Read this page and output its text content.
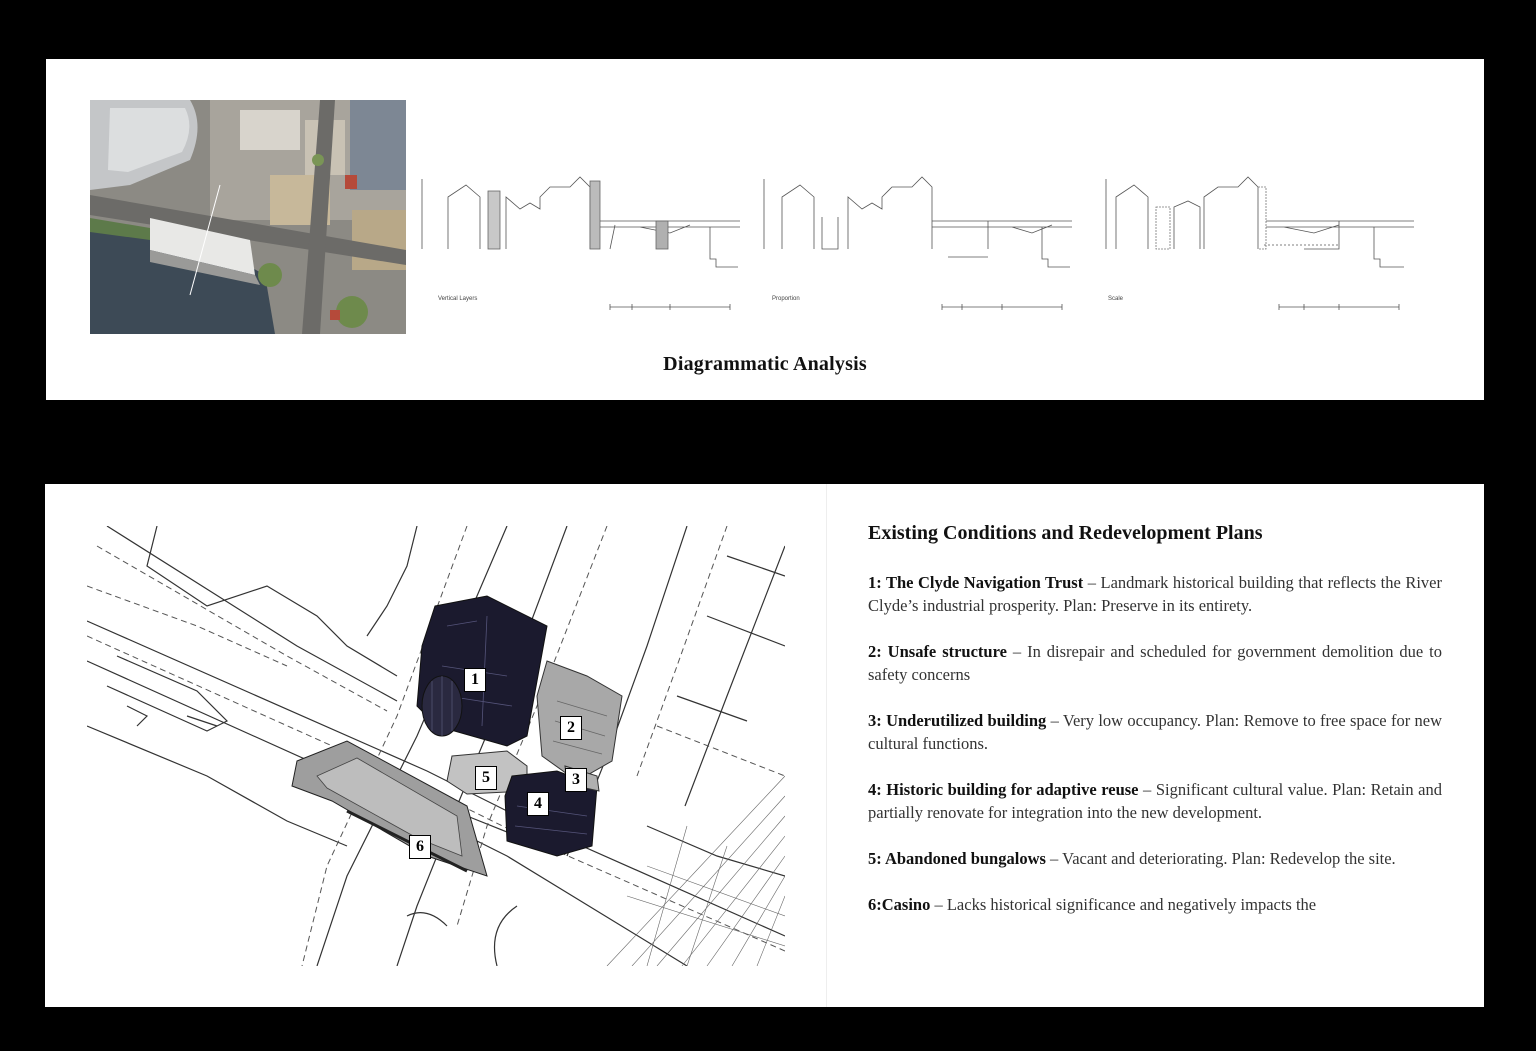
Vertical Layers	Proportion	Scale
Diagrammatic Analysis
1
2
3
4
5
6
Existing Conditions and Redevelopment Plans

1: The Clyde Navigation Trust – Landmark historical building that reflects the River Clyde’s industrial prosperity. Plan: Preserve in its entirety.

2: Unsafe structure – In disrepair and scheduled for government demolition due to safety concerns

3: Underutilized building – Very low occupancy. Plan: Remove to free space for new cultural functions.

4: Historic building for adaptive reuse – Significant cultural value. Plan: Retain and partially renovate for integration into the new development.

5: Abandoned bungalows – Vacant and deteriorating. Plan: Redevelop the site.

6:Casino – Lacks historical significance and negatively impacts the
